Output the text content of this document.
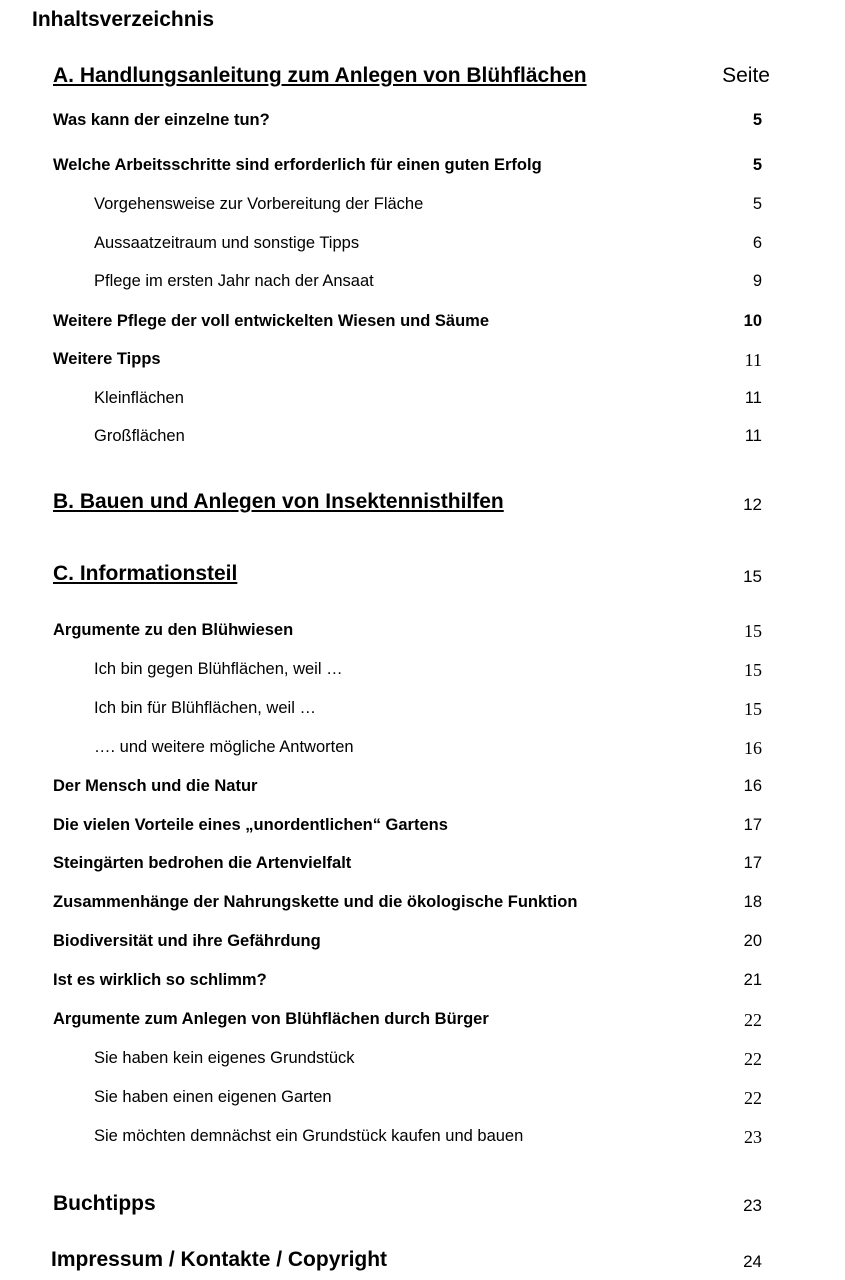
Inhaltsverzeichnis
A. Handlungsanleitung zum Anlegen von Blühflächen	Seite
Was kann der einzelne tun?	5
Welche Arbeitsschritte sind erforderlich für einen guten Erfolg	5
Vorgehensweise zur Vorbereitung der Fläche	5
Aussaatzeitraum und sonstige Tipps	6
Pflege im ersten Jahr nach der Ansaat	9
Weitere Pflege der voll entwickelten Wiesen und Säume	10
Weitere Tipps	11
Kleinflächen	11
Großflächen	11
B. Bauen und Anlegen von Insektennisthilfen	12
C. Informationsteil	15
Argumente zu den Blühwiesen	15
Ich bin gegen Blühflächen, weil …	15
Ich bin für Blühflächen, weil …	15
…. und weitere mögliche Antworten	16
Der Mensch und die Natur	16
Die vielen Vorteile eines „unordentlichen“ Gartens	17
Steingärten bedrohen die Artenvielfalt	17
Zusammenhänge der Nahrungskette und die ökologische Funktion	18
Biodiversität und ihre Gefährdung	20
Ist es wirklich so schlimm?	21
Argumente zum Anlegen von Blühflächen durch Bürger	22
Sie haben kein eigenes Grundstück	22
Sie haben einen eigenen Garten	22
Sie möchten demnächst ein Grundstück kaufen und bauen	23
Buchtipps	23
Impressum / Kontakte / Copyright	24
